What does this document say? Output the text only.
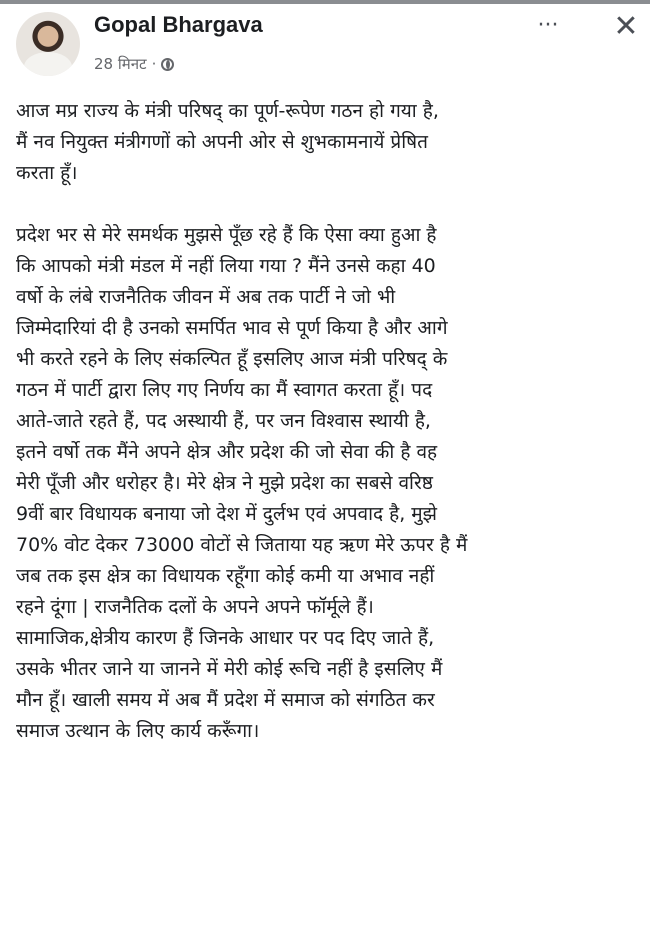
Gopal Bhargava
28 मिनट ·
···	✕
आज मप्र राज्य के मंत्री परिषद् का पूर्ण-रूपेण गठन हो गया है,
मैं नव नियुक्त मंत्रीगणों को अपनी ओर से शुभकामनायें प्रेषित
करता हूँ।
प्रदेश भर से मेरे समर्थक मुझसे पूँछ रहे हैं कि ऐसा क्या हुआ है
कि आपको मंत्री मंडल में नहीं लिया गया ? मैंने उनसे कहा 40
वर्षो के लंबे राजनैतिक जीवन में अब तक पार्टी ने जो भी
जिम्मेदारियां दी है उनको समर्पित भाव से पूर्ण किया है और आगे
भी करते रहने के लिए संकल्पित हूँ इसलिए आज मंत्री परिषद् के
गठन में पार्टी द्वारा लिए गए निर्णय का मैं स्वागत करता हूँ। पद
आते-जाते रहते हैं, पद अस्थायी हैं, पर जन विश्वास स्थायी है,
इतने वर्षो तक मैंने अपने क्षेत्र और प्रदेश की जो सेवा की है वह
मेरी पूँजी और धरोहर है। मेरे क्षेत्र ने मुझे प्रदेश का सबसे वरिष्ठ
9वीं बार विधायक बनाया जो देश में दुर्लभ एवं अपवाद है, मुझे
70% वोट देकर 73000 वोटों से जिताया यह ऋण मेरे ऊपर है मैं
जब तक इस क्षेत्र का विधायक रहूँगा कोई कमी या अभाव नहीं
रहने दूंगा | राजनैतिक दलों के अपने अपने फॉर्मूले हैं।
सामाजिक,क्षेत्रीय कारण हैं जिनके आधार पर पद दिए जाते हैं,
उसके भीतर जाने या जानने में मेरी कोई रूचि नहीं है इसलिए मैं
मौन हूँ। खाली समय में अब मैं प्रदेश में समाज को संगठित कर
समाज उत्थान के लिए कार्य करूँगा।
